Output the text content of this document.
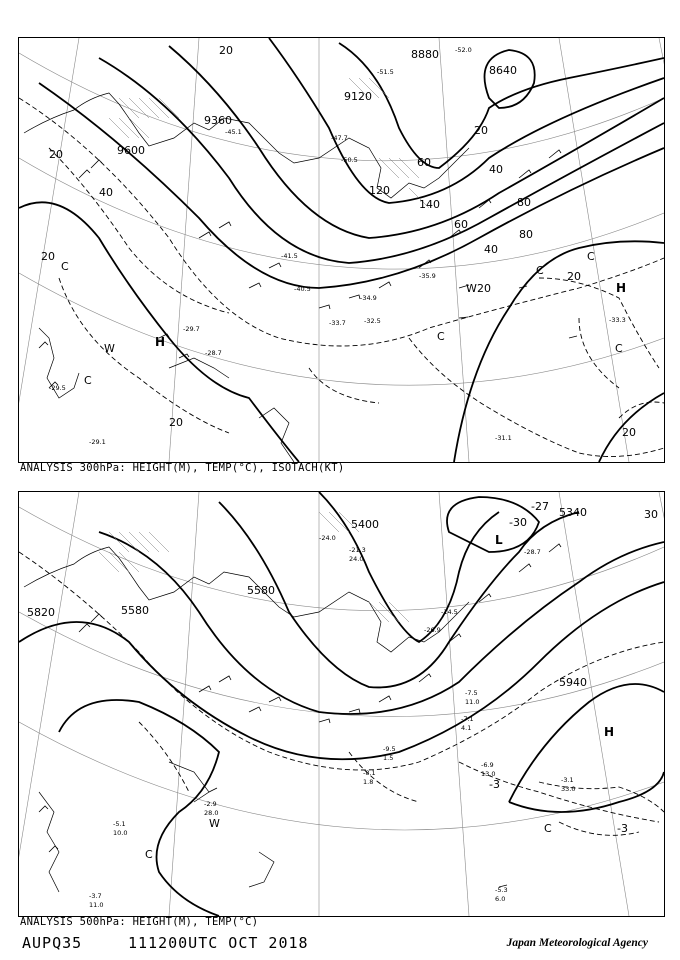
9600
9360
9120
8880
8640
20
40
60
80
20
40
20
120
140
60
80
40
20
20
20
20
20
H
H
C
C
C
C
W
W
C
C
-33.3
-31.1
-32.5
-33.7
-29.7
-28.7
-29.1
-29.5
-40.5
-45.1
-47.7
-50.5
-51.5
-52.0
-41.5
-35.9
-34.9
ANALYSIS 300hPa: HEIGHT(M), TEMP(°C), ISOTACH(KT)
5820	5580
5580
5400
5340
5940
H
W
C
C
L
-3
-27
-30
30
-3
-6.9
13.0
-3.1
33.0
-5.3
6.0
-3.7
11.0
-2.9
28.0
-5.1
10.0
-8.1
1.8
-9.5
1.5
-7.1
4.1
-7.5
11.0
-21.3
24.0
-26.9
-14.5
-24.0
-28.7
ANALYSIS 500hPa: HEIGHT(M), TEMP(°C)
AUPQ35	111200UTC OCT 2018	Japan Meteorological Agency
